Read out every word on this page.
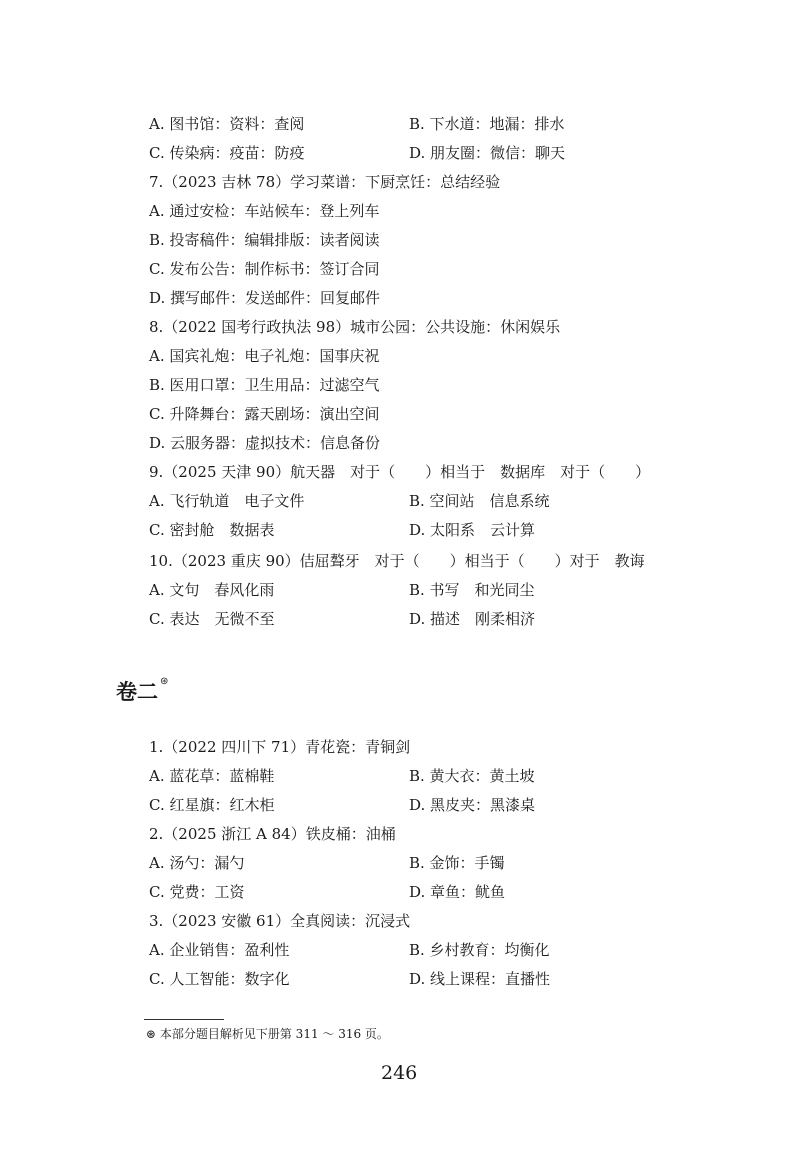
A. 图书馆：资料：查阅	B. 下水道：地漏：排水
C. 传染病：疫苗：防疫	D. 朋友圈：微信：聊天
7.（2023 吉林 78）学习菜谱：下厨烹饪：总结经验
A. 通过安检：车站候车：登上列车
B. 投寄稿件：编辑排版：读者阅读
C. 发布公告：制作标书：签订合同
D. 撰写邮件：发送邮件：回复邮件
8.（2022 国考行政执法 98）城市公园：公共设施：休闲娱乐
A. 国宾礼炮：电子礼炮：国事庆祝
B. 医用口罩：卫生用品：过滤空气
C. 升降舞台：露天剧场：演出空间
D. 云服务器：虚拟技术：信息备份
9.（2025 天津 90）航天器　对于（　　）相当于　数据库　对于（　　）
A. 飞行轨道　电子文件	B. 空间站　信息系统
C. 密封舱　数据表	D. 太阳系　云计算
10.（2023 重庆 90）佶屈聱牙　对于（　　）相当于（　　）对于　教诲
A. 文句　春风化雨	B. 书写　和光同尘
C. 表达　无微不至	D. 描述　刚柔相济
卷二 ⊛
1.（2022 四川下 71）青花瓷：青铜剑
A. 蓝花草：蓝棉鞋	B. 黄大衣：黄土坡
C. 红星旗：红木柜	D. 黑皮夹：黑漆桌
2.（2025 浙江 A 84）铁皮桶：油桶
A. 汤勺：漏勺	B. 金饰：手镯
C. 党费：工资	D. 章鱼：鱿鱼
3.（2023 安徽 61）全真阅读：沉浸式
A. 企业销售：盈利性	B. 乡村教育：均衡化
C. 人工智能：数字化	D. 线上课程：直播性
⊛ 本部分题目解析见下册第 311 ～ 316 页。
246
